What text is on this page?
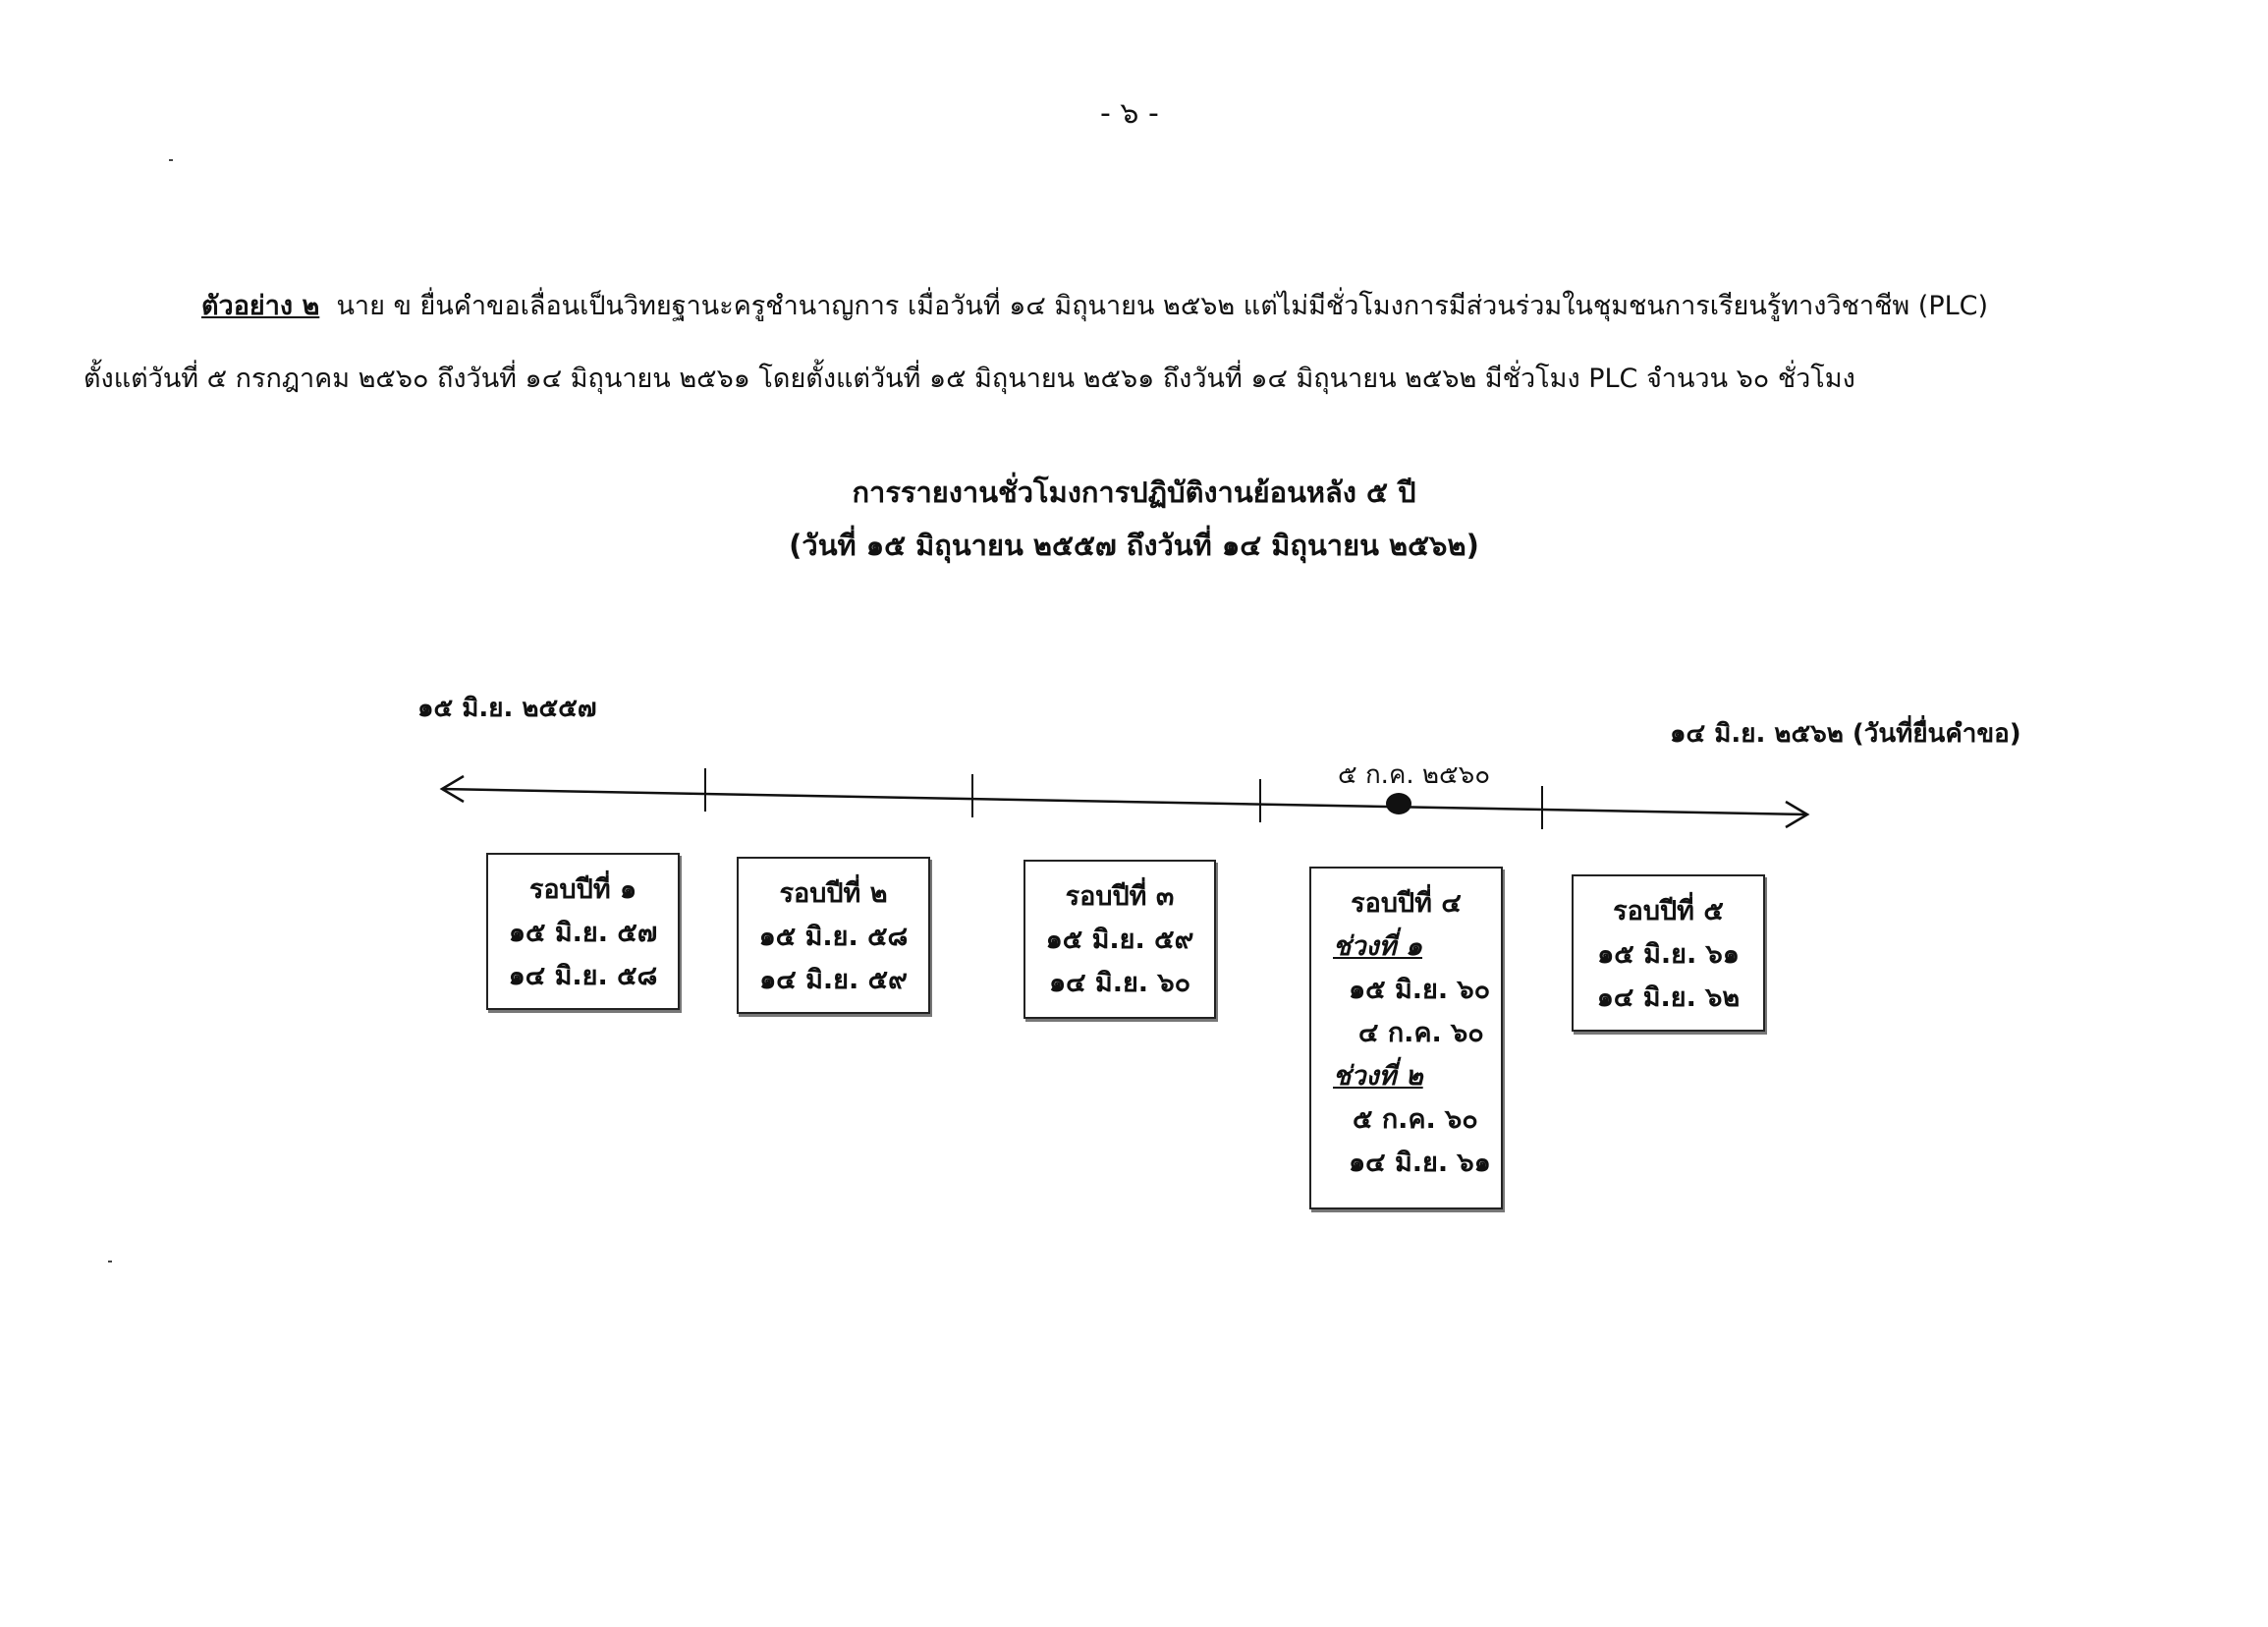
- ๖ -
ตัวอย่าง ๒  นาย ข ยื่นคำขอเลื่อนเป็นวิทยฐานะครูชำนาญการ เมื่อวันที่ ๑๔ มิถุนายน ๒๕๖๒ แต่ไม่มีชั่วโมงการมีส่วนร่วมในชุมชนการเรียนรู้ทางวิชาชีพ (PLC)
ตั้งแต่วันที่ ๕ กรกฎาคม ๒๕๖๐ ถึงวันที่ ๑๔ มิถุนายน ๒๕๖๑ โดยตั้งแต่วันที่ ๑๕ มิถุนายน ๒๕๖๑ ถึงวันที่ ๑๔ มิถุนายน ๒๕๖๒ มีชั่วโมง PLC จำนวน ๖๐ ชั่วโมง
การรายงานชั่วโมงการปฏิบัติงานย้อนหลัง ๕ ปี
(วันที่ ๑๕ มิถุนายน ๒๕๕๗ ถึงวันที่ ๑๔ มิถุนายน ๒๕๖๒)
๑๕ มิ.ย. ๒๕๕๗
๑๔ มิ.ย. ๒๕๖๒ (วันที่ยื่นคำขอ)
๕ ก.ค. ๒๕๖๐
รอบปีที่ ๑
๑๕ มิ.ย. ๕๗
๑๔ มิ.ย. ๕๘
รอบปีที่ ๒
๑๕ มิ.ย. ๕๘
๑๔ มิ.ย. ๕๙
รอบปีที่ ๓
๑๕ มิ.ย. ๕๙
๑๔ มิ.ย. ๖๐
รอบปีที่ ๔
ช่วงที่ ๑
๑๕ มิ.ย. ๖๐
๔ ก.ค. ๖๐
ช่วงที่ ๒
๕ ก.ค. ๖๐
๑๔ มิ.ย. ๖๑
รอบปีที่ ๕
๑๕ มิ.ย. ๖๑
๑๔ มิ.ย. ๖๒
